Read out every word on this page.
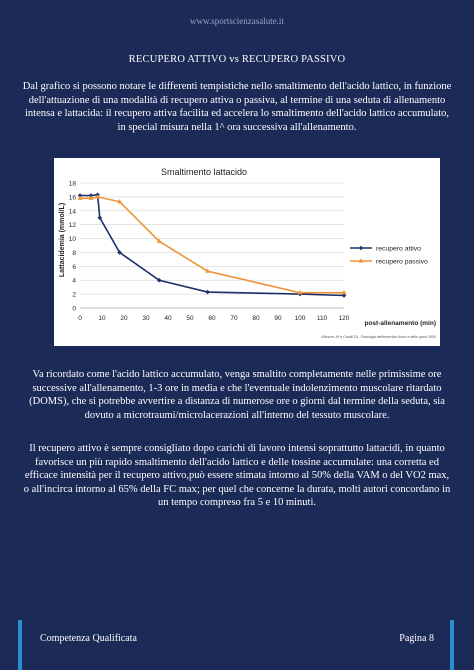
www.sportscienzasalute.it
RECUPERO ATTIVO vs RECUPERO PASSIVO
Dal grafico si possono notare le differenti tempistiche nello smaltimento dell'acido lattico, in funzione dell'attuazione di una modalità di recupero attiva o passiva, al termine di una seduta di allenamento intensa e lattacida: il recupero attiva facilita ed accelera lo smaltimento dell'acido lattico accumulato, in special misura nella 1^ ora successiva all'allenamento.
Smaltimento lattacido
Lattacidemia (mmol/L)
post-allenamento (min)
0
2
4
6
8
10
12
14
16
18
0	10 20 30 40 50 60 70 80 90 100 110 120
recupero attivo
recupero passivo
Villmore JH e Costill DL. Fisiologia dell'esercizio fisico e dello sport 2005
Va ricordato come l'acido lattico accumulato, venga smaltito completamente nelle primissime ore successive all'allenamento, 1-3 ore in media e che l'eventuale indolenzimento muscolare ritardato (DOMS), che si potrebbe avvertire a distanza di numerose ore o giorni dal termine della seduta, sia dovuto a microtraumi/microlacerazioni all'interno del tessuto muscolare.
Il recupero attivo è sempre consigliato dopo carichi di lavoro intensi soprattutto lattacidi, in quanto favorisce un più rapido smaltimento dell'acido lattico e delle tossine accumulate: una corretta ed efficace intensità per il recupero attivo,può essere stimata intorno al 50% della VAM o del VO2 max, o all'incirca intorno al 65% della FC max; per quel che concerne la durata, molti autori concordano in un tempo compreso fra 5 e 10 minuti.
Competenza Qualificata	Pagina 8
